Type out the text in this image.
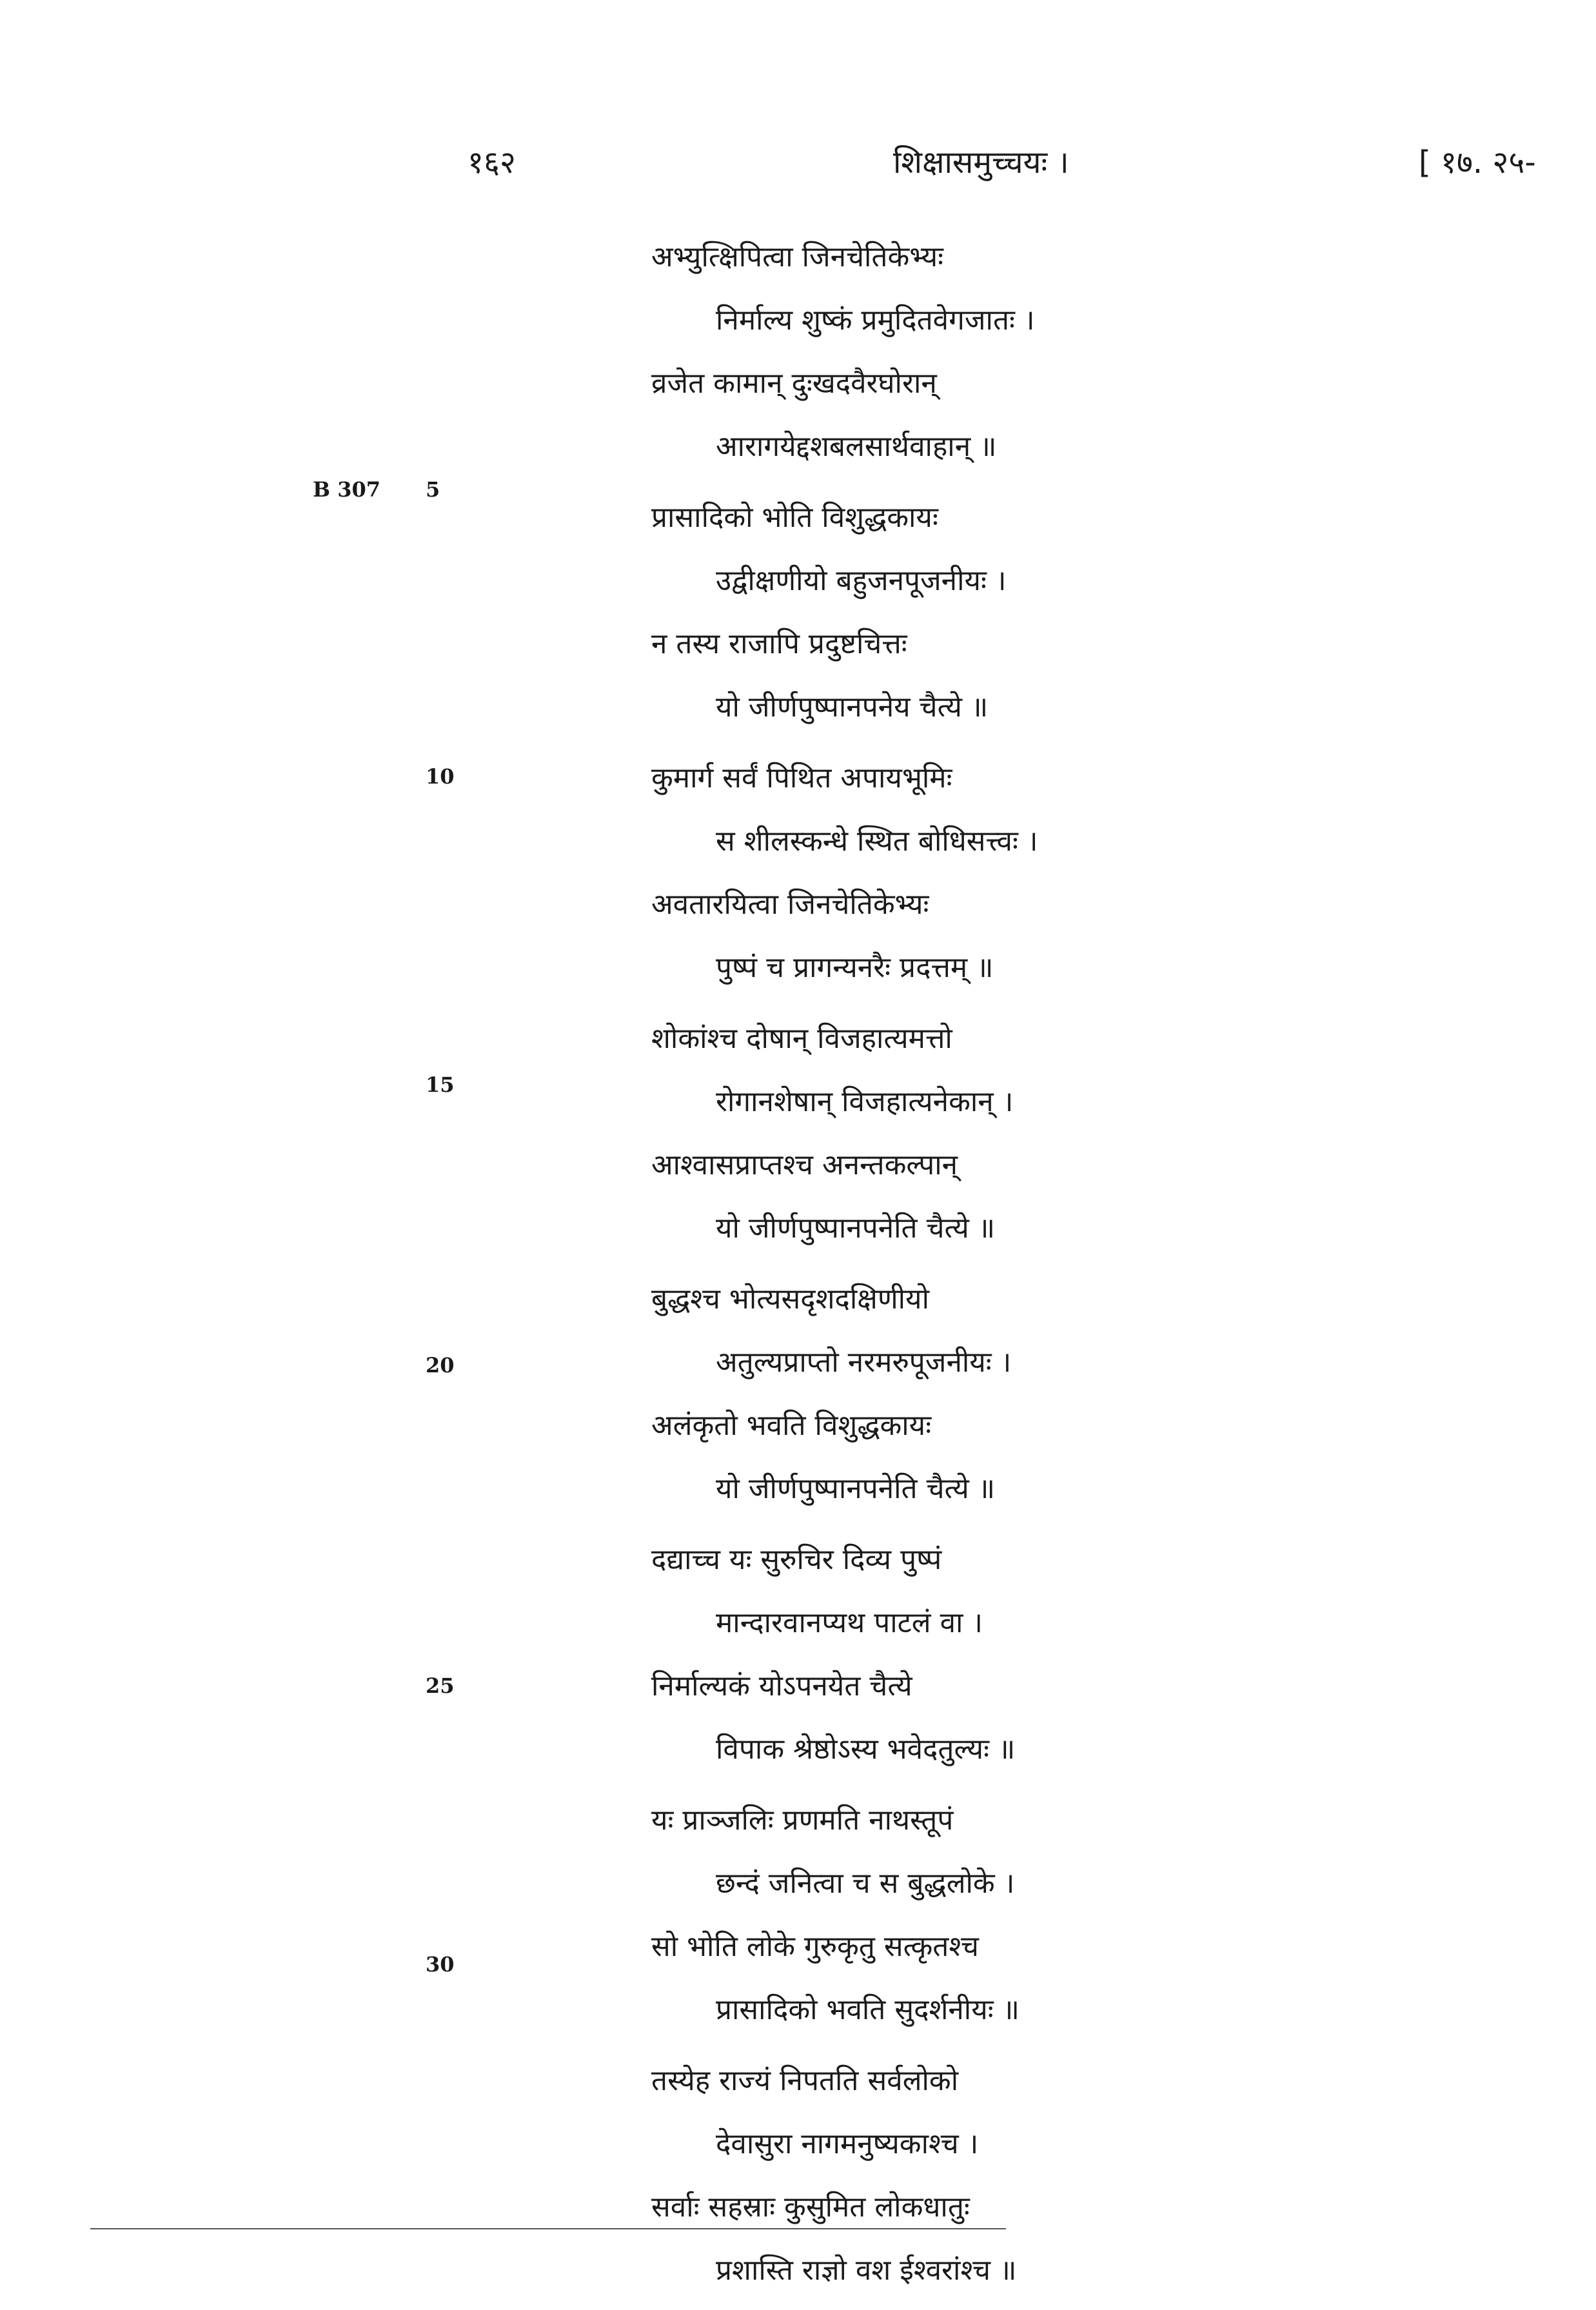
१६२	शिक्षासमुच्चयः ।	[ १७. २५-
B 307 5
10
15
20
25
30
अभ्युत्क्षिपित्वा जिनचेतिकेभ्यः
निर्माल्य शुष्कं प्रमुदितवेगजातः ।
व्रजेत कामान् दुःखदवैरघोरान्
आरागयेद्दशबलसार्थवाहान् ॥
प्रासादिको भोति विशुद्धकायः
उद्वीक्षणीयो बहुजनपूजनीयः ।
न तस्य राजापि प्रदुष्टचित्तः
यो जीर्णपुष्पानपनेय चैत्ये ॥
कुमार्ग सर्वं पिथित अपायभूमिः
स शीलस्कन्धे स्थित बोधिसत्त्वः ।
अवतारयित्वा जिनचेतिकेभ्यः
पुष्पं च प्रागन्यनरैः प्रदत्तम् ॥
शोकांश्च दोषान् विजहात्यमत्तो
रोगानशेषान् विजहात्यनेकान् ।
आश्वासप्राप्तश्च अनन्तकल्पान्
यो जीर्णपुष्पानपनेति चैत्ये ॥
बुद्धश्च भोत्यसदृशदक्षिणीयो
अतुल्यप्राप्तो नरमरुपूजनीयः ।
अलंकृतो भवति विशुद्धकायः
यो जीर्णपुष्पानपनेति चैत्ये ॥
दद्याच्च यः सुरुचिर दिव्य पुष्पं
मान्दारवानप्यथ पाटलं वा ।
निर्माल्यकं योऽपनयेत चैत्ये
विपाक श्रेष्ठोऽस्य भवेदतुल्यः ॥
यः प्राञ्जलिः प्रणमति नाथस्तूपं
छन्दं जनित्वा च स बुद्धलोके ।
सो भोति लोके गुरुकृतु सत्कृतश्च
प्रासादिको भवति सुदर्शनीयः ॥
तस्येह राज्यं निपतति सर्वलोको
देवासुरा नागमनुष्यकाश्च ।
सर्वाः सहस्राः कुसुमित लोकधातुः
प्रशास्ति राज्ञो वश ईश्वरांश्च ॥
